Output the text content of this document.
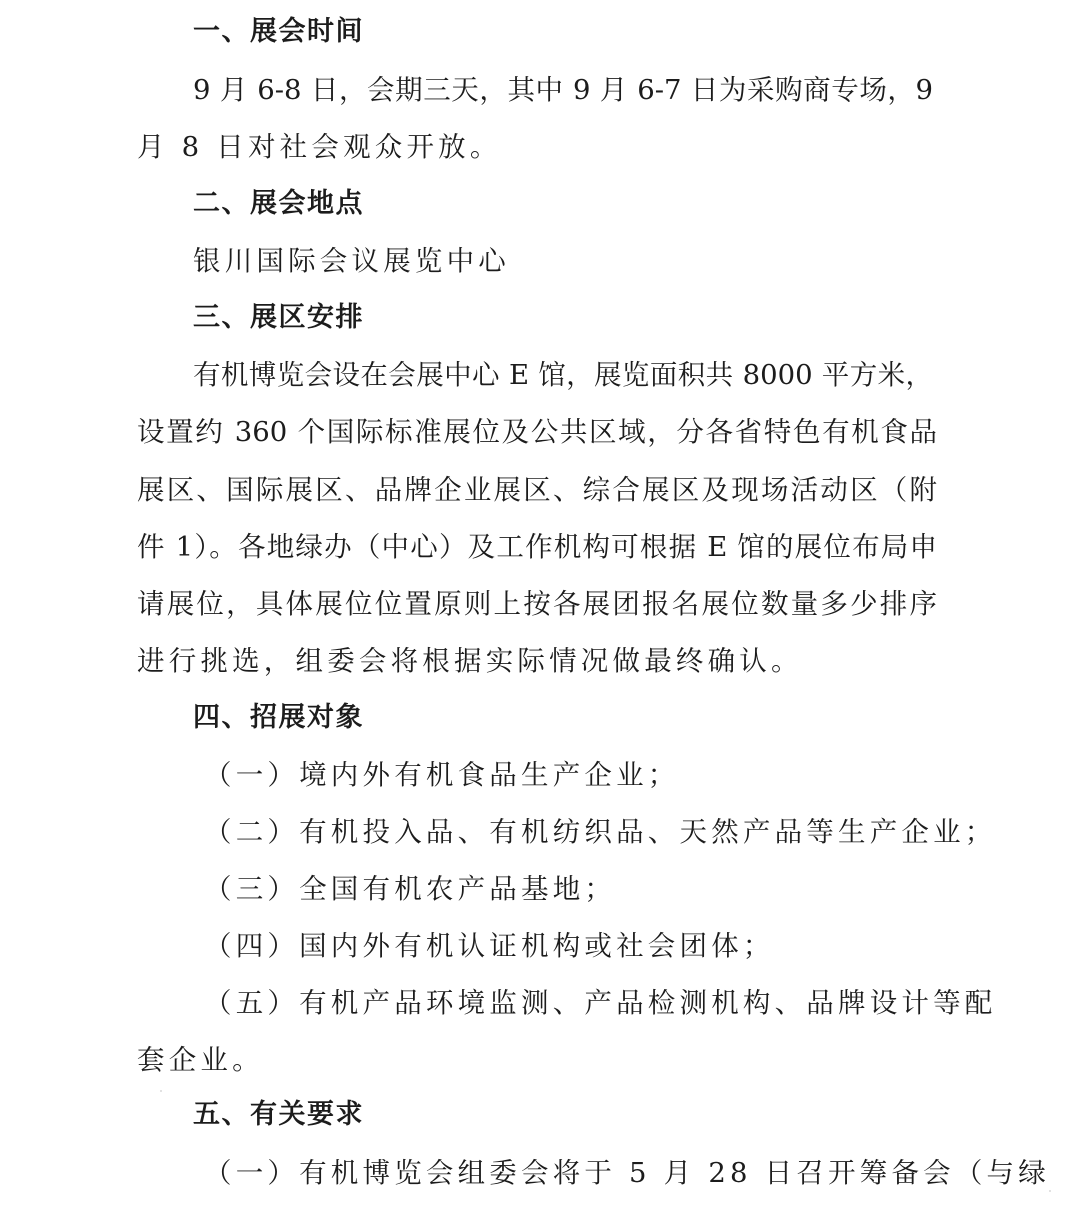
一、展会时间
9 月 6-8 日，会期三天，其中 9 月 6-7 日为采购商专场，9
月 8 日对社会观众开放。
二、展会地点
银川国际会议展览中心
三、展区安排
有机博览会设在会展中心 E 馆，展览面积共 8000 平方米，
设置约 360 个国际标准展位及公共区域，分各省特色有机食品
展区、国际展区、品牌企业展区、综合展区及现场活动区（附
件 1）。各地绿办（中心）及工作机构可根据 E 馆的展位布局申
请展位，具体展位位置原则上按各展团报名展位数量多少排序
进行挑选，组委会将根据实际情况做最终确认。
四、招展对象
（一）境内外有机食品生产企业；
（二）有机投入品、有机纺织品、天然产品等生产企业；
（三）全国有机农产品基地；
（四）国内外有机认证机构或社会团体；
（五）有机产品环境监测、产品检测机构、品牌设计等配
套企业。
五、有关要求
（一）有机博览会组委会将于 5 月 28 日召开筹备会（与绿
